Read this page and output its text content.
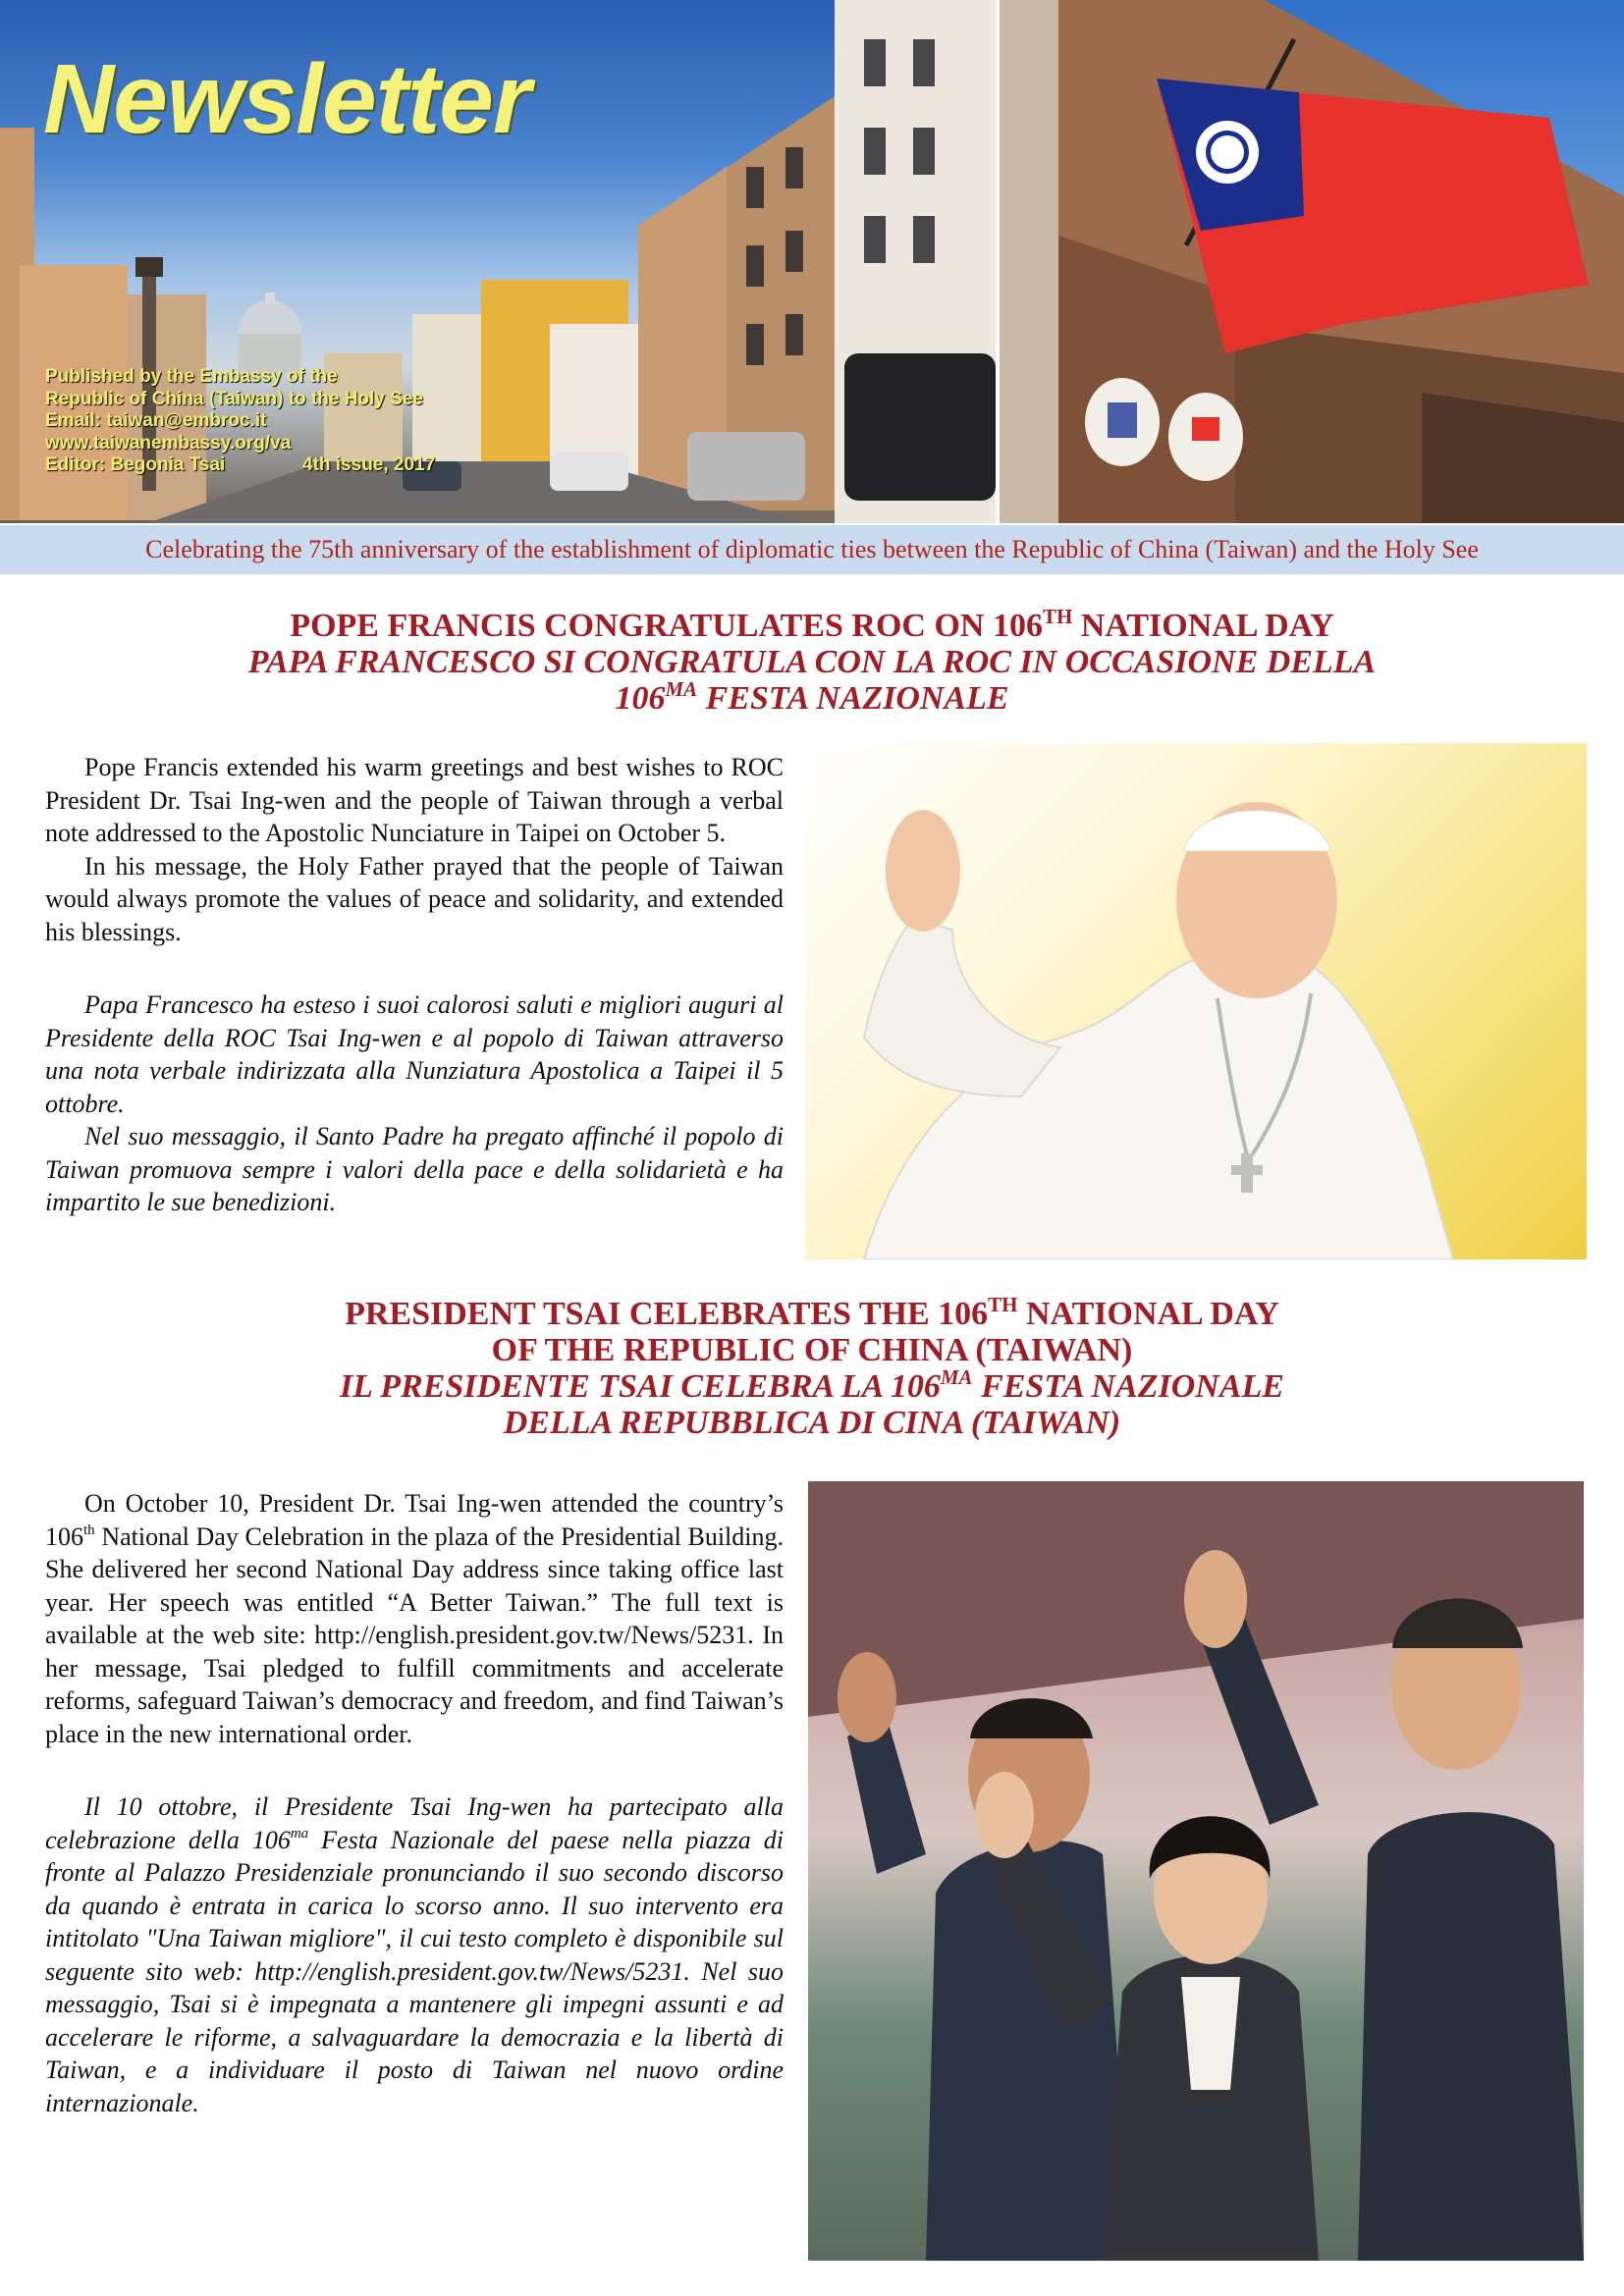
Newsletter
Published by the Embassy of the
Republic of China (Taiwan) to the Holy See
Email: taiwan@embroc.it
www.taiwanembassy.org/va
Editor: Begonia Tsai	4th issue, 2017
Celebrating the 75th anniversary of the establishment of diplomatic ties between the Republic of China (Taiwan) and the Holy See
POPE FRANCIS CONGRATULATES ROC ON 106TH NATIONAL DAY
PAPA FRANCESCO SI CONGRATULA CON LA ROC IN OCCASIONE DELLA
$106^{MA}$ FESTA NAZIONALE

Pope Francis extended his warm greetings and best wishes to ROC President Dr. Tsai Ing-wen and the people of Taiwan through a verbal note addressed to the Apostolic Nunciature in Taipei on October 5.

In his message, the Holy Father prayed that the people of Taiwan would always promote the values of peace and solidarity, and extended his blessings.

Papa Francesco ha esteso i suoi calorosi saluti e migliori auguri al Presidente della ROC Tsai Ing-wen e al popolo di Taiwan attraverso una nota verbale indirizzata alla Nunziatura Apostolica a Taipei il 5 ottobre.

Nel suo messaggio, il Santo Padre ha pregato affinché il popolo di Taiwan promuova sempre i valori della pace e della solidarietà e ha impartito le sue benedizioni.

PRESIDENT TSAI CELEBRATES THE 106TH NATIONAL DAY
OF THE REPUBLIC OF CHINA (TAIWAN)
IL PRESIDENTE TSAI CELEBRA LA $106^{MA}$ FESTA NAZIONALE
DELLA REPUBBLICA DI CINA (TAIWAN)

On October 10, President Dr. Tsai Ing-wen attended the country’s 106th National Day Celebration in the plaza of the Presidential Building. She delivered her second National Day address since taking office last year. Her speech was entitled “A Better Taiwan.” The full text is available at the web site: http://english.president.gov.tw/News/5231. In her message, Tsai pledged to fulfill commitments and accelerate reforms, safeguard Taiwan’s democracy and freedom, and find Taiwan’s place in the new international order.

Il 10 ottobre, il Presidente Tsai Ing-wen ha partecipato alla celebrazione della $106^{ma}$ Festa Nazionale del paese nella piazza di fronte al Palazzo Presidenziale pronunciando il suo secondo discorso da quando è entrata in carica lo scorso anno. Il suo intervento era intitolato "Una Taiwan migliore", il cui testo completo è disponibile sul seguente sito web: http://english.president.gov.tw/News/5231. Nel suo messaggio, Tsai si è impegnata a mantenere gli impegni assunti e ad accelerare le riforme, a salvaguardare la democrazia e la libertà di Taiwan, e a individuare il posto di Taiwan nel nuovo ordine internazionale.
